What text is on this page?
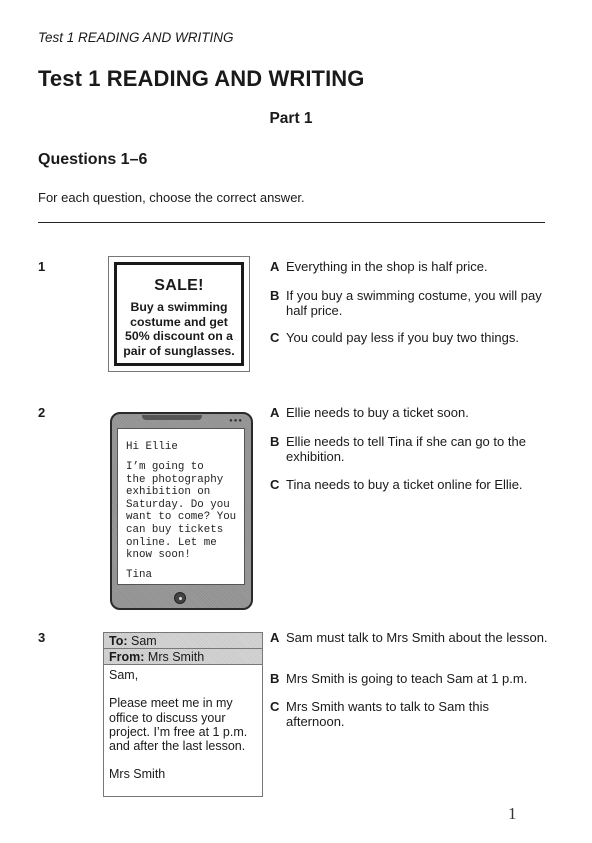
Test 1 READING AND WRITING
Test 1 READING AND WRITING
Part 1
Questions 1–6
For each question, choose the correct answer.
1
SALE!
Buy a swimming
costume and get
50% discount on a
pair of sunglasses.
A Everything in the shop is half price.
B If you buy a swimming costume, you will pay half price.
C You could pay less if you buy two things.
2
●●●
Hi Ellie
I’m going to
the photography
exhibition on
Saturday. Do you
want to come? You
can buy tickets
online. Let me
know soon!
Tina
A Ellie needs to buy a ticket soon.
B Ellie needs to tell Tina if she can go to the exhibition.
C Tina needs to buy a ticket online for Ellie.
3	To: Sam
From: Mrs Smith

Sam,

Please meet me in my
office to discuss your
project. I’m free at 1 p.m.
and after the last lesson.

Mrs Smith

A Sam must talk to Mrs Smith about the lesson.
B Mrs Smith is going to teach Sam at 1 p.m.
C Mrs Smith wants to talk to Sam this afternoon.
1
